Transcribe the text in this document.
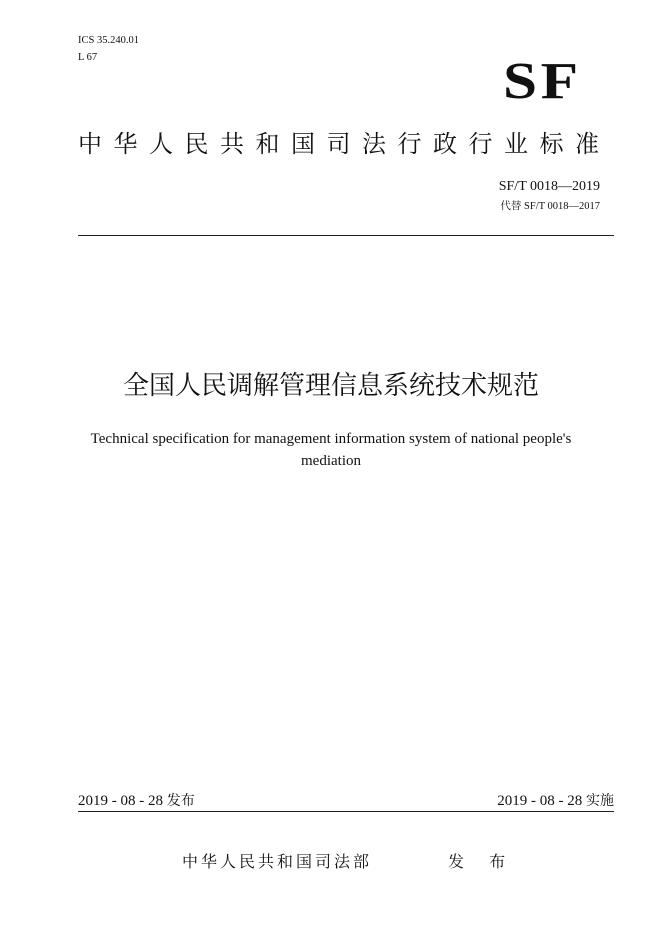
ICS 35.240.01
L 67	SF
中华人民共和国司法行政行业标准
SF/T 0018—2019
代替 SF/T 0018—2017
全国人民调解管理信息系统技术规范
Technical specification for management information system of national people's mediation
2019 - 08 - 28 发布	2019 - 08 - 28 实施
中华人民共和国司法部	发 布
